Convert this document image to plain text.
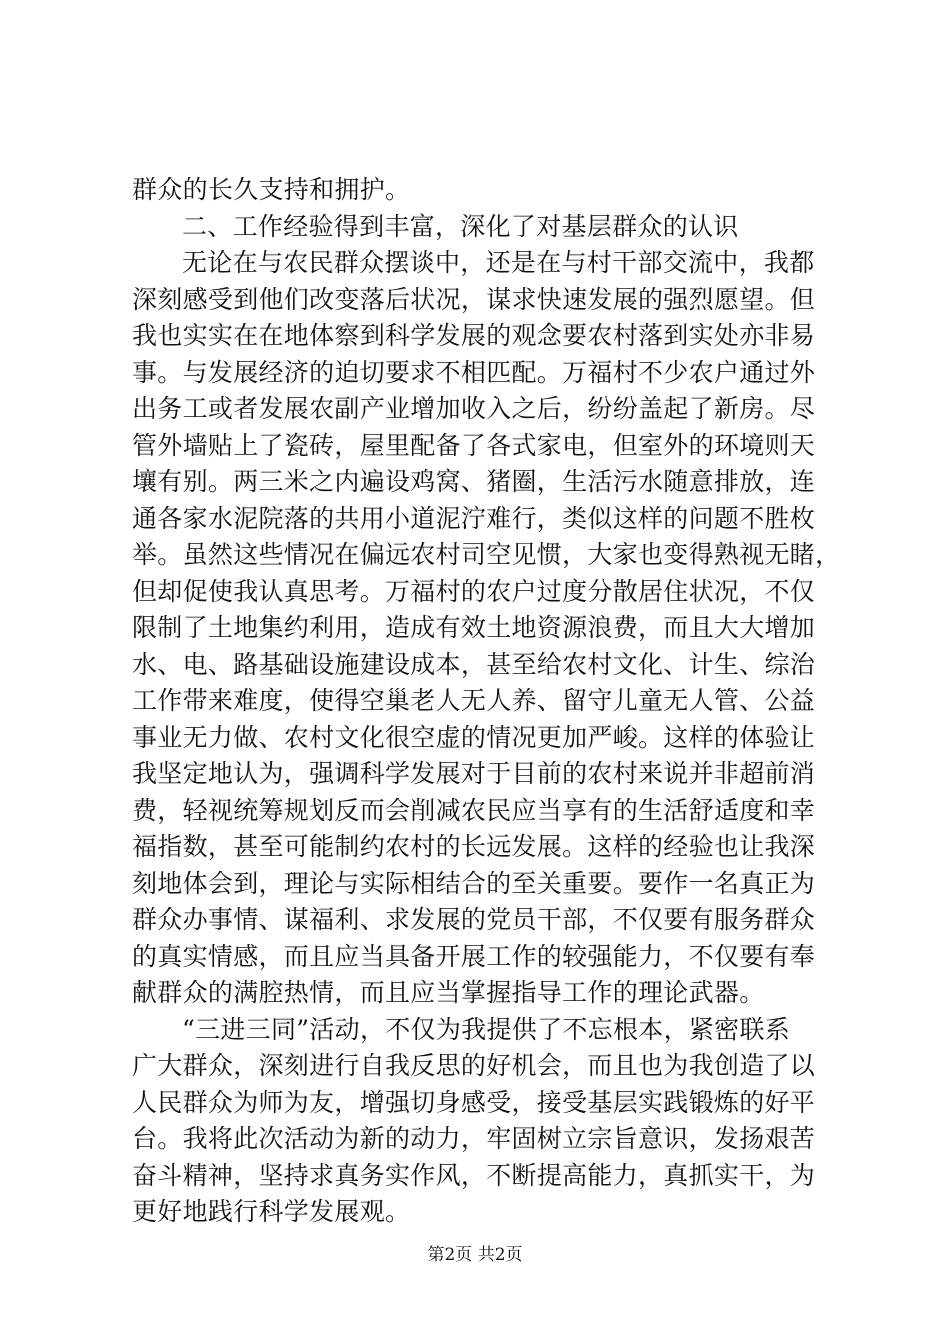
群众的长久支持和拥护。
二、工作经验得到丰富，深化了对基层群众的认识
无论在与农民群众摆谈中，还是在与村干部交流中，我都
深刻感受到他们改变落后状况，谋求快速发展的强烈愿望。但
我也实实在在地体察到科学发展的观念要农村落到实处亦非易
事。与发展经济的迫切要求不相匹配。万福村不少农户通过外
出务工或者发展农副产业增加收入之后，纷纷盖起了新房。尽
管外墙贴上了瓷砖，屋里配备了各式家电，但室外的环境则天
壤有别。两三米之内遍设鸡窝、猪圈，生活污水随意排放，连
通各家水泥院落的共用小道泥泞难行，类似这样的问题不胜枚
举。虽然这些情况在偏远农村司空见惯，大家也变得熟视无睹，
但却促使我认真思考。万福村的农户过度分散居住状况，不仅
限制了土地集约利用，造成有效土地资源浪费，而且大大增加
水、电、路基础设施建设成本，甚至给农村文化、计生、综治
工作带来难度，使得空巢老人无人养、留守儿童无人管、公益
事业无力做、农村文化很空虚的情况更加严峻。这样的体验让
我坚定地认为，强调科学发展对于目前的农村来说并非超前消
费，轻视统筹规划反而会削减农民应当享有的生活舒适度和幸
福指数，甚至可能制约农村的长远发展。这样的经验也让我深
刻地体会到，理论与实际相结合的至关重要。要作一名真正为
群众办事情、谋福利、求发展的党员干部，不仅要有服务群众
的真实情感，而且应当具备开展工作的较强能力，不仅要有奉
献群众的满腔热情，而且应当掌握指导工作的理论武器。
“三进三同”活动，不仅为我提供了不忘根本，紧密联系
广大群众，深刻进行自我反思的好机会，而且也为我创造了以
人民群众为师为友，增强切身感受，接受基层实践锻炼的好平
台。我将此次活动为新的动力，牢固树立宗旨意识，发扬艰苦
奋斗精神，坚持求真务实作风，不断提高能力，真抓实干，为
更好地践行科学发展观。
第2页 共2页
